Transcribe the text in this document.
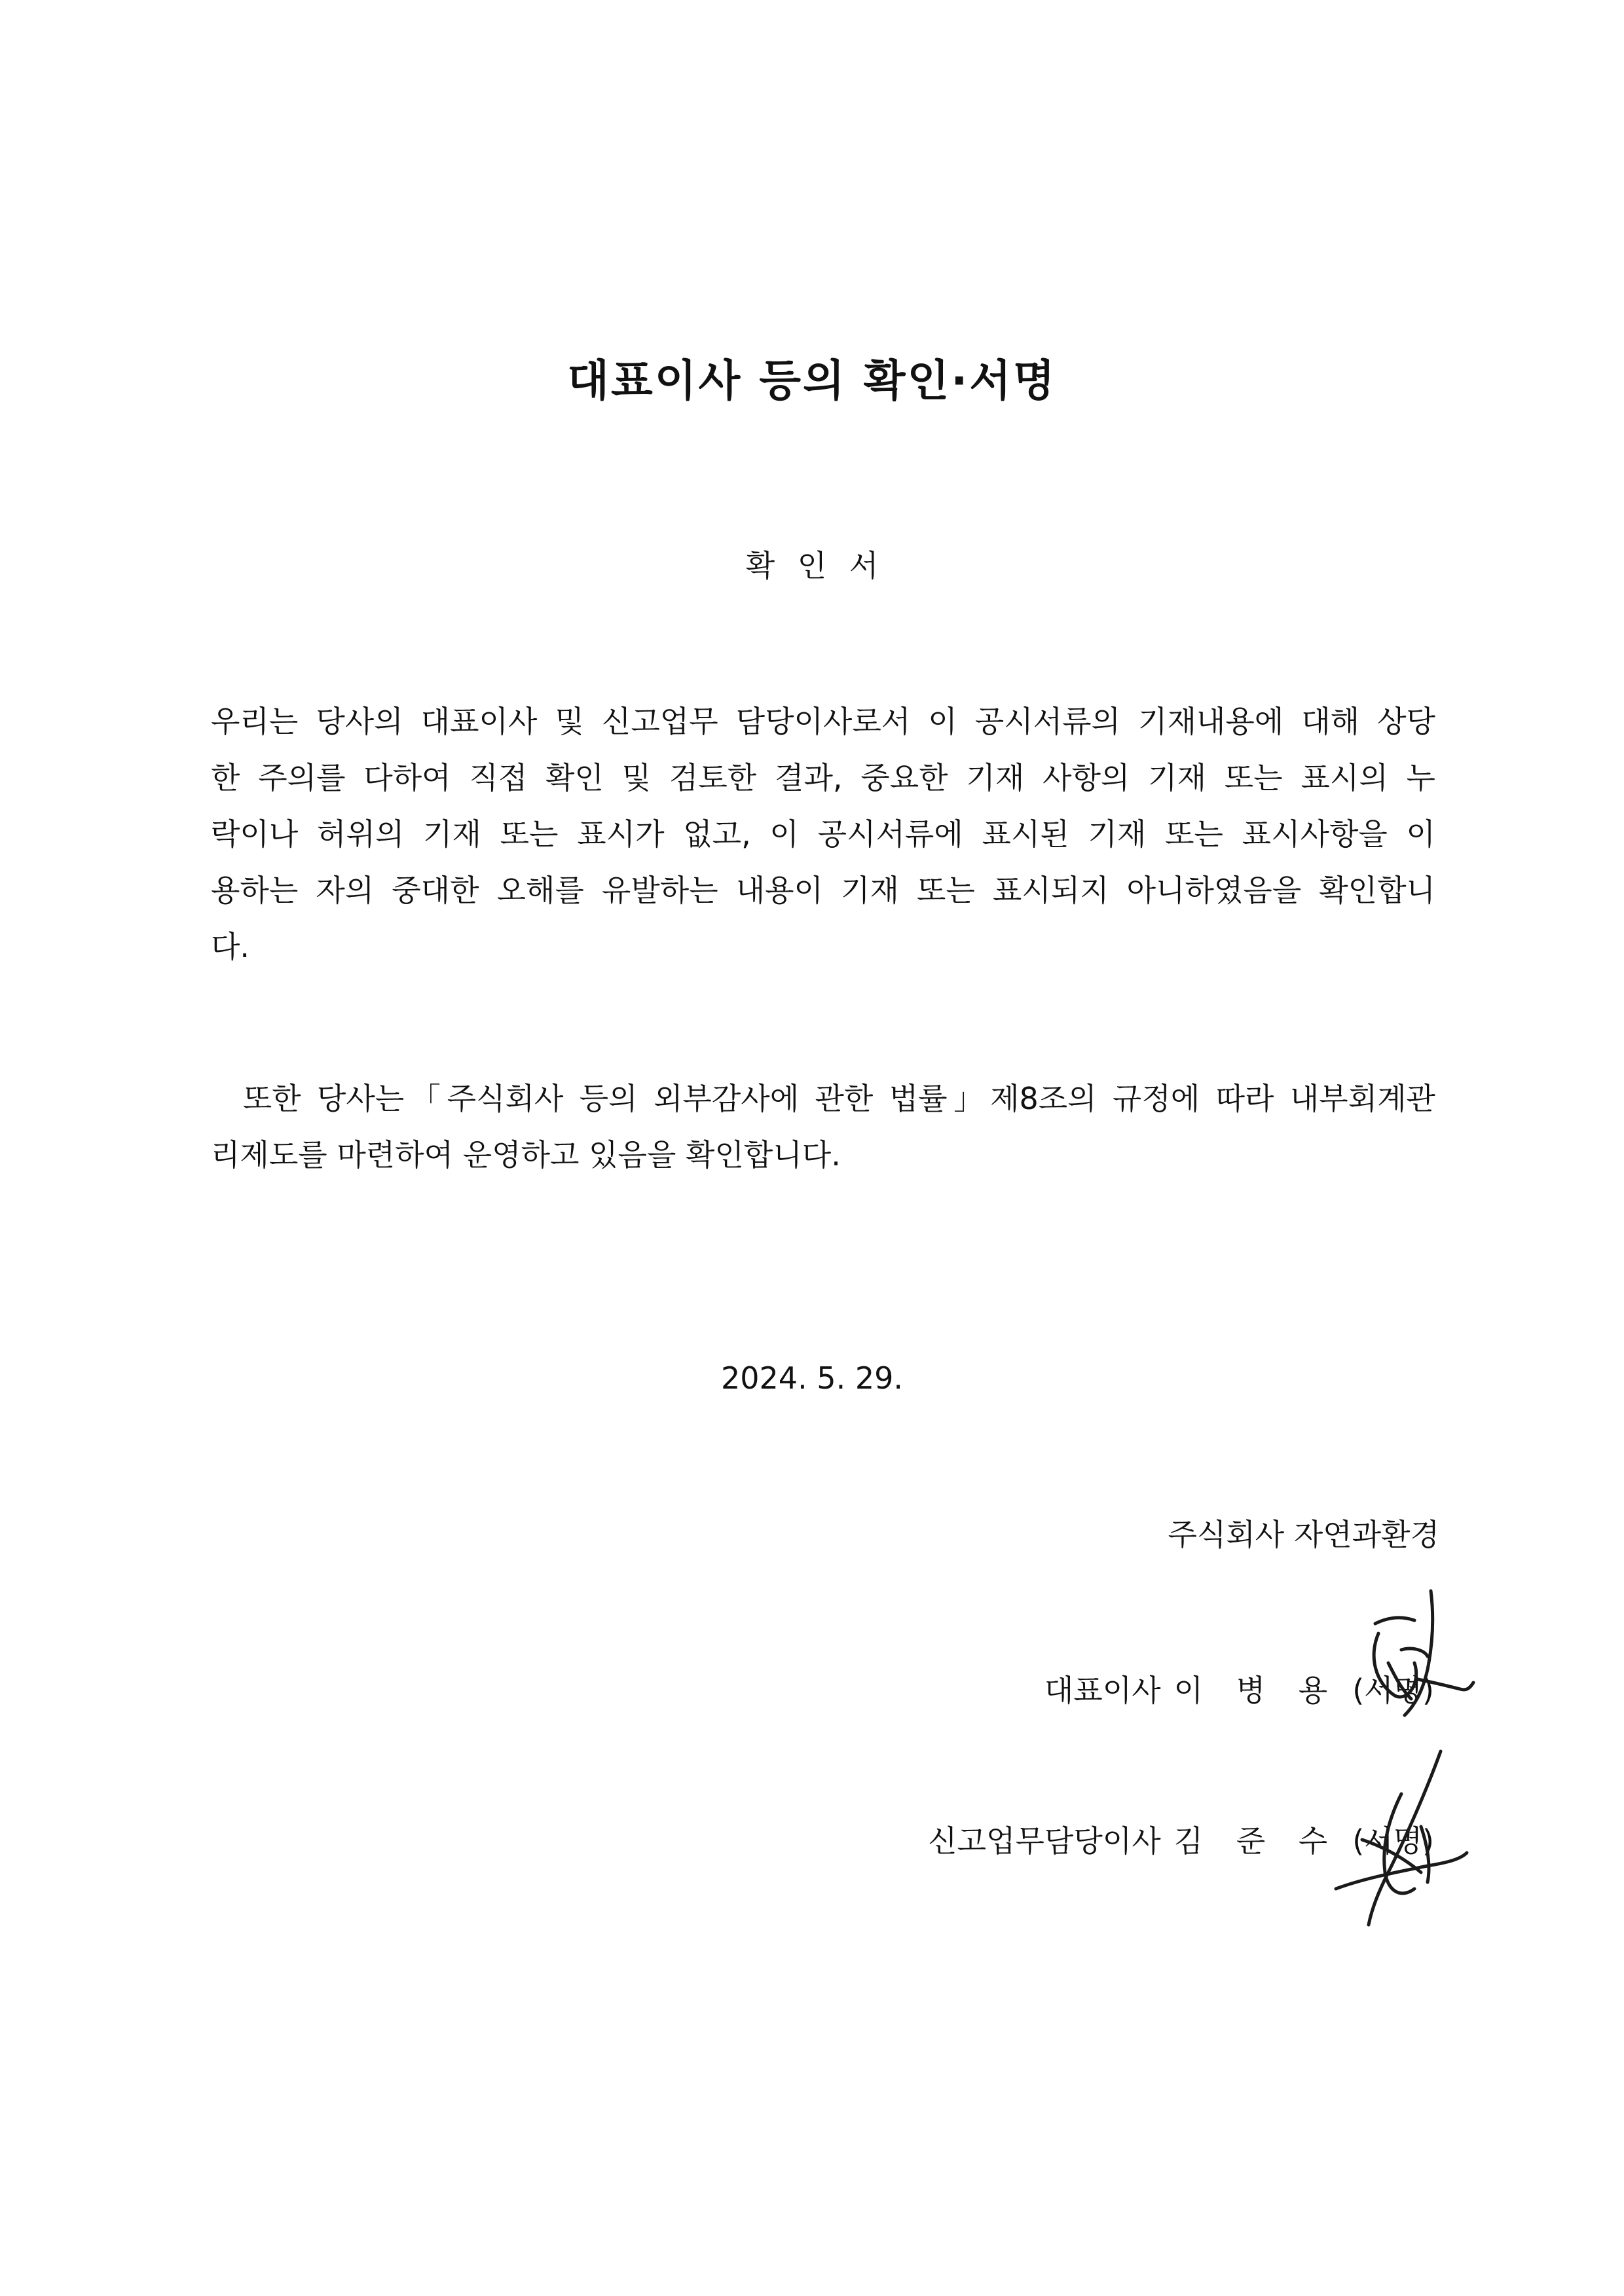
대표이사 등의 확인·서명
확 인 서
우리는 당사의 대표이사 및 신고업무 담당이사로서 이 공시서류의 기재내용에 대해 상당
한 주의를 다하여 직접 확인 및 검토한 결과, 중요한 기재 사항의 기재 또는 표시의 누
락이나 허위의 기재 또는 표시가 없고, 이 공시서류에 표시된 기재 또는 표시사항을 이
용하는 자의 중대한 오해를 유발하는 내용이 기재 또는 표시되지 아니하였음을 확인합니
다.
또한 당사는「주식회사 등의 외부감사에 관한 법률」제8조의 규정에 따라 내부회계관
리제도를 마련하여 운영하고 있음을 확인합니다.
2024. 5. 29.
주식회사 자연과환경
대표이사 이 병 용 (서명)
신고업무담당이사 김 준 수 (서명)
